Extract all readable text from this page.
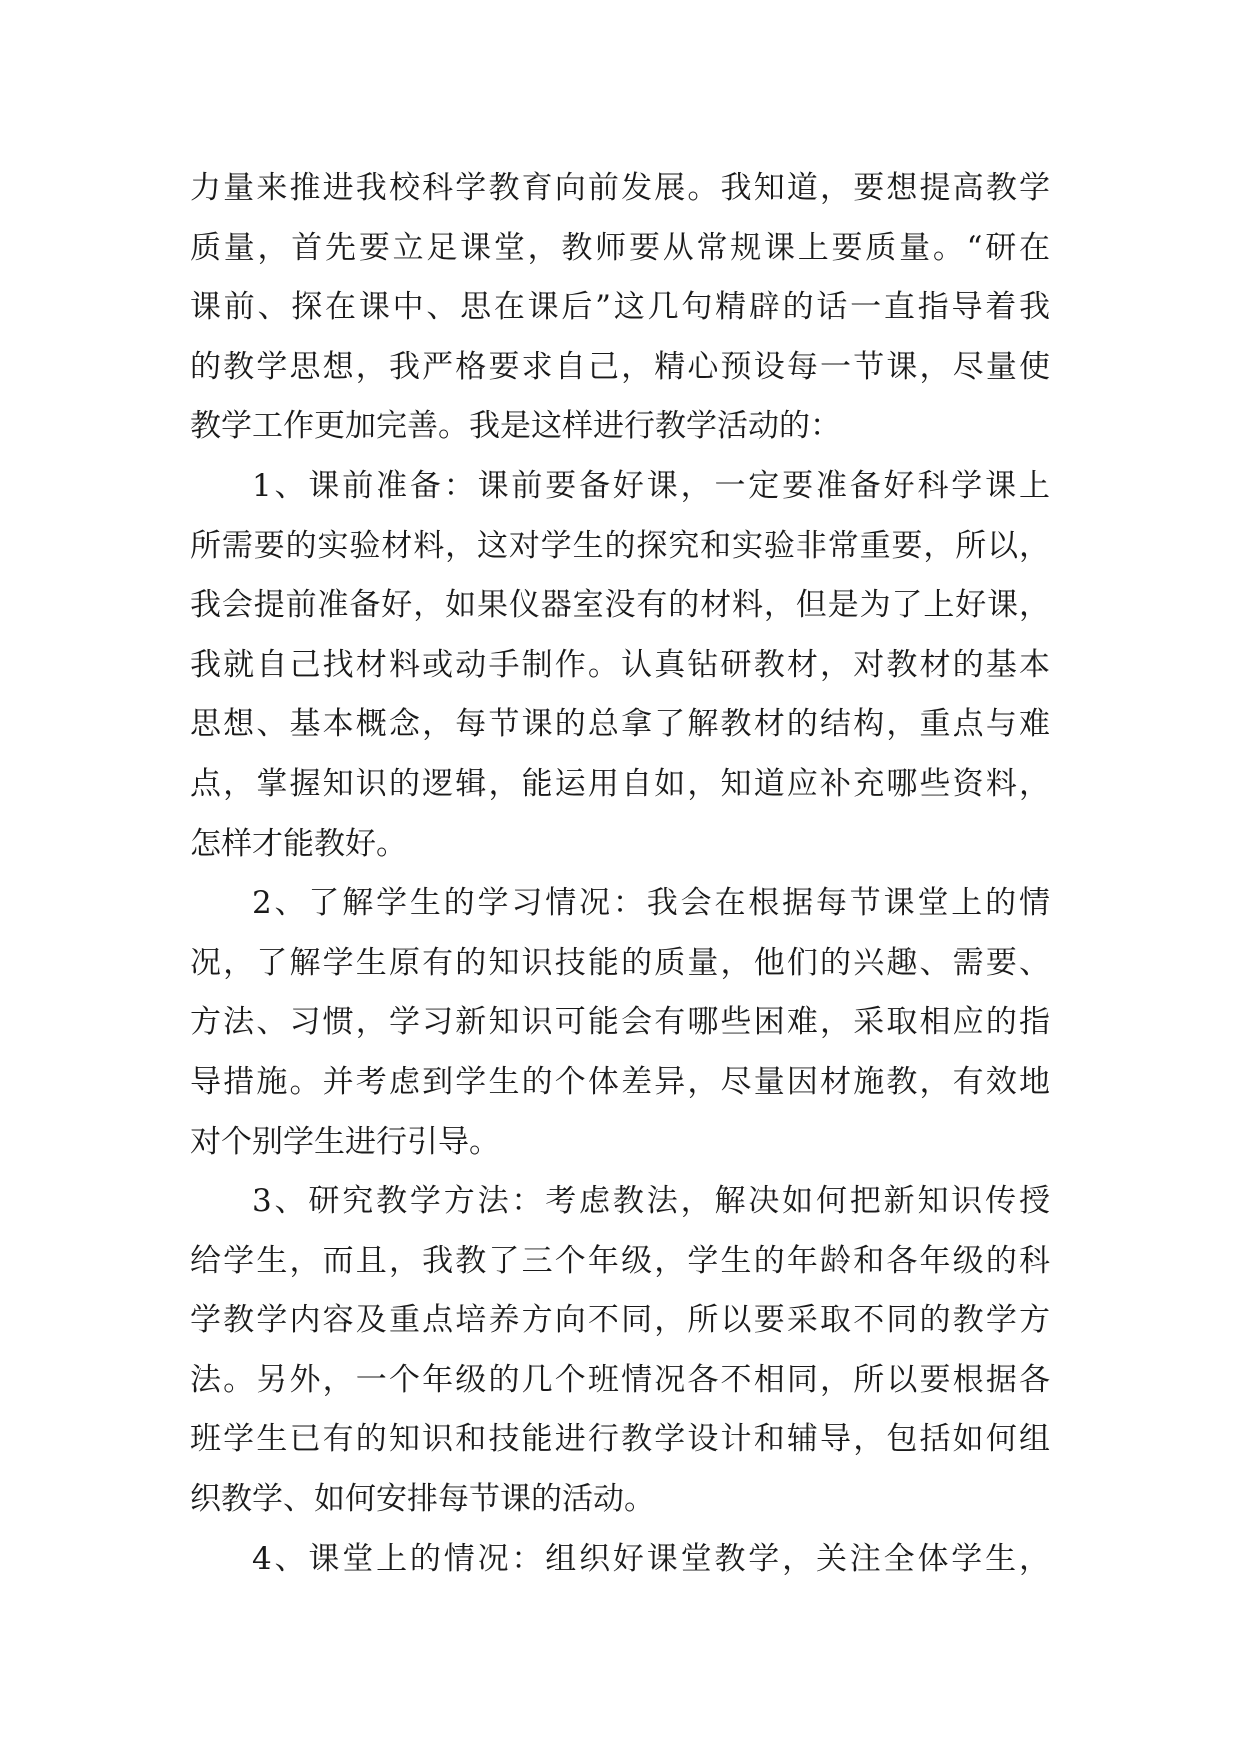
力量来推进我校科学教育向前发展。我知道，要想提高教学
质量，首先要立足课堂，教师要从常规课上要质量。“研在
课前、探在课中、思在课后”这几句精辟的话一直指导着我
的教学思想，我严格要求自己，精心预设每一节课，尽量使
教学工作更加完善。我是这样进行教学活动的：
1、课前准备：课前要备好课，一定要准备好科学课上
所需要的实验材料，这对学生的探究和实验非常重要，所以，
我会提前准备好，如果仪器室没有的材料，但是为了上好课，
我就自己找材料或动手制作。认真钻研教材，对教材的基本
思想、基本概念，每节课的总拿了解教材的结构，重点与难
点，掌握知识的逻辑，能运用自如，知道应补充哪些资料，
怎样才能教好。
2、了解学生的学习情况：我会在根据每节课堂上的情
况，了解学生原有的知识技能的质量，他们的兴趣、需要、
方法、习惯，学习新知识可能会有哪些困难，采取相应的指
导措施。并考虑到学生的个体差异，尽量因材施教，有效地
对个别学生进行引导。
3、研究教学方法：考虑教法，解决如何把新知识传授
给学生，而且，我教了三个年级，学生的年龄和各年级的科
学教学内容及重点培养方向不同，所以要采取不同的教学方
法。另外，一个年级的几个班情况各不相同，所以要根据各
班学生已有的知识和技能进行教学设计和辅导，包括如何组
织教学、如何安排每节课的活动。
4、课堂上的情况：组织好课堂教学，关注全体学生，
